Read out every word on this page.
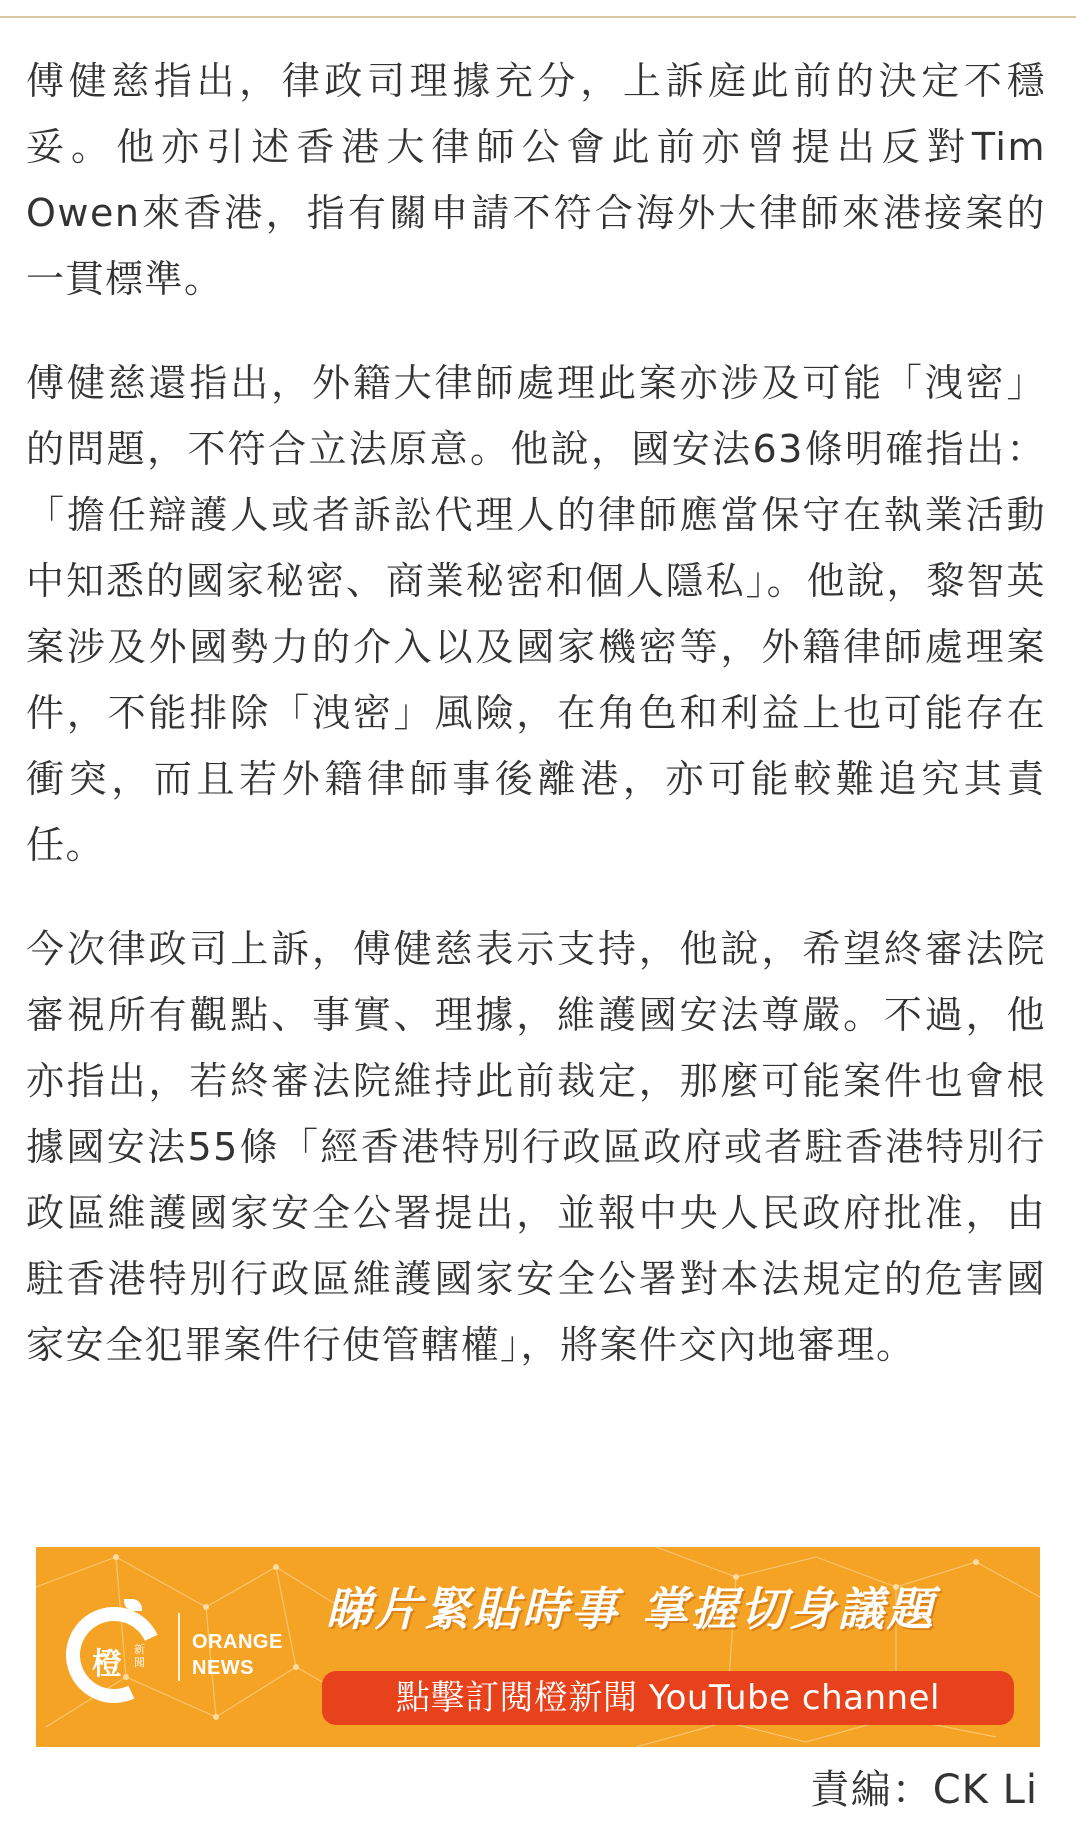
傅健慈指出，律政司理據充分，上訴庭此前的決定不穩妥。他亦引述香港大律師公會此前亦曾提出反對Tim Owen來香港，指有關申請不符合海外大律師來港接案的一貫標準。

傅健慈還指出，外籍大律師處理此案亦涉及可能「洩密」的問題，不符合立法原意。他說，國安法63條明確指出：「擔任辯護人或者訴訟代理人的律師應當保守在執業活動中知悉的國家秘密、商業秘密和個人隱私」。他說，黎智英案涉及外國勢力的介入以及國家機密等，外籍律師處理案件，不能排除「洩密」風險，在角色和利益上也可能存在衝突，而且若外籍律師事後離港，亦可能較難追究其責任。

今次律政司上訴，傅健慈表示支持，他說，希望終審法院審視所有觀點、事實、理據，維護國安法尊嚴。不過，他亦指出，若終審法院維持此前裁定，那麼可能案件也會根據國安法55條「經香港特別行政區政府或者駐香港特別行政區維護國家安全公署提出，並報中央人民政府批准，由駐香港特別行政區維護國家安全公署對本法規定的危害國家安全犯罪案件行使管轄權」，將案件交內地審理。

橙 新聞
ORANGE
NEWS
睇片緊貼時事 掌握切身議題
點擊訂閱橙新聞 YouTube channel
責編：CK Li
